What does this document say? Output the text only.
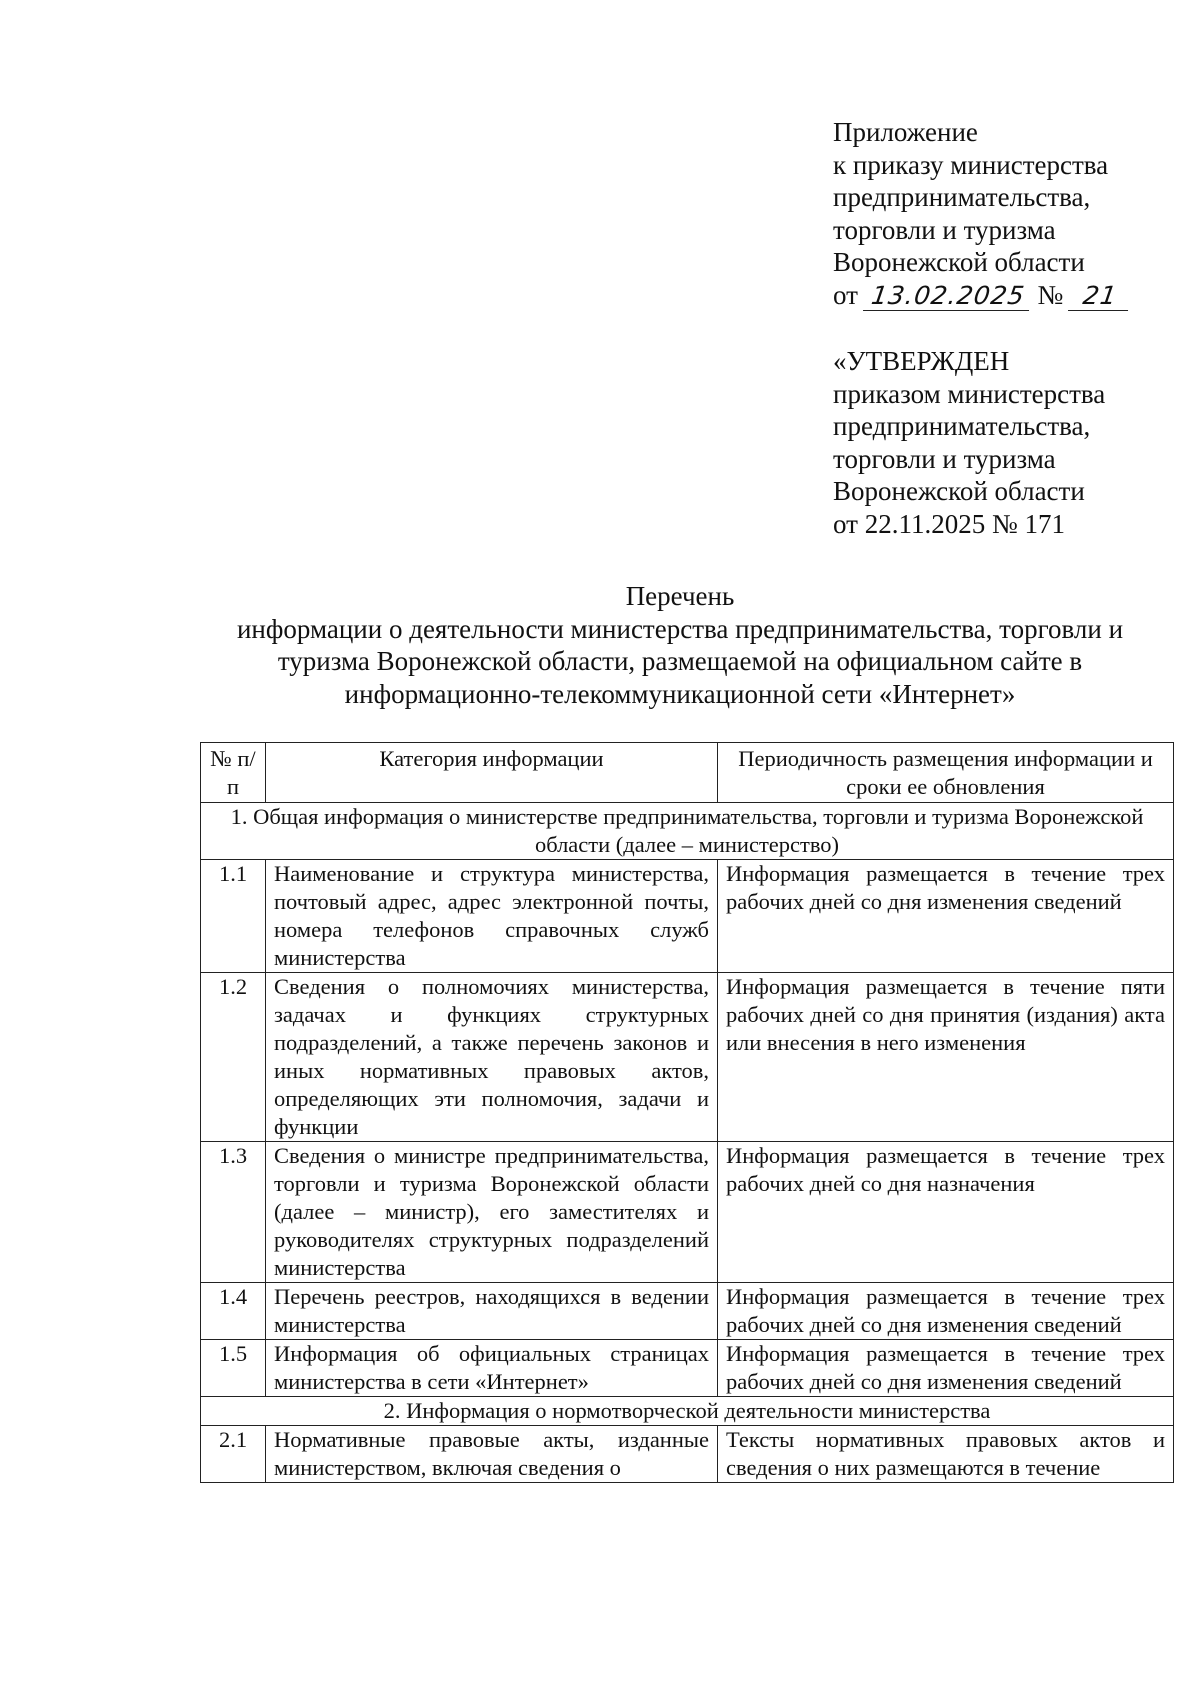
Приложение
к приказу министерства
предпринимательства,
торговли и туризма
Воронежской области
от 13.02.2025 № 21
«УТВЕРЖДЕН
приказом министерства
предпринимательства,
торговли и туризма
Воронежской области
от 22.11.2025 № 171
Перечень
информации о деятельности министерства предпринимательства, торговли и
туризма Воронежской области, размещаемой на официальном сайте в
информационно-телекоммуникационной сети «Интернет»
№ п/п	Категория информации	Периодичность размещения информации и сроки ее обновления
1. Общая информация о министерстве предпринимательства, торговли и туризма Воронежской области (далее – министерство)		
1.1	Наименование и структура министерства, почтовый адрес, адрес электронной почты, номера телефонов справочных служб министерства	Информация размещается в течение трех рабочих дней со дня изменения сведений
1.2	Сведения о полномочиях министерства, задачах и функциях структурных подразделений, а также перечень законов и иных нормативных правовых актов, определяющих эти полномочия, задачи и функции	Информация размещается в течение пяти рабочих дней со дня принятия (издания) акта или внесения в него изменения
1.3	Сведения о министре предпринимательства, торговли и туризма Воронежской области (далее – министр), его заместителях и руководителях структурных подразделений министерства	Информация размещается в течение трех рабочих дней со дня назначения
1.4	Перечень реестров, находящихся в ведении министерства	Информация размещается в течение трех рабочих дней со дня изменения сведений
1.5	Информация об официальных страницах министерства в сети «Интернет»	Информация размещается в течение трех рабочих дней со дня изменения сведений
2. Информация о нормотворческой деятельности министерства		
2.1	Нормативные правовые акты, изданные министерством, включая сведения о	Тексты нормативных правовых актов и сведения о них размещаются в течение
